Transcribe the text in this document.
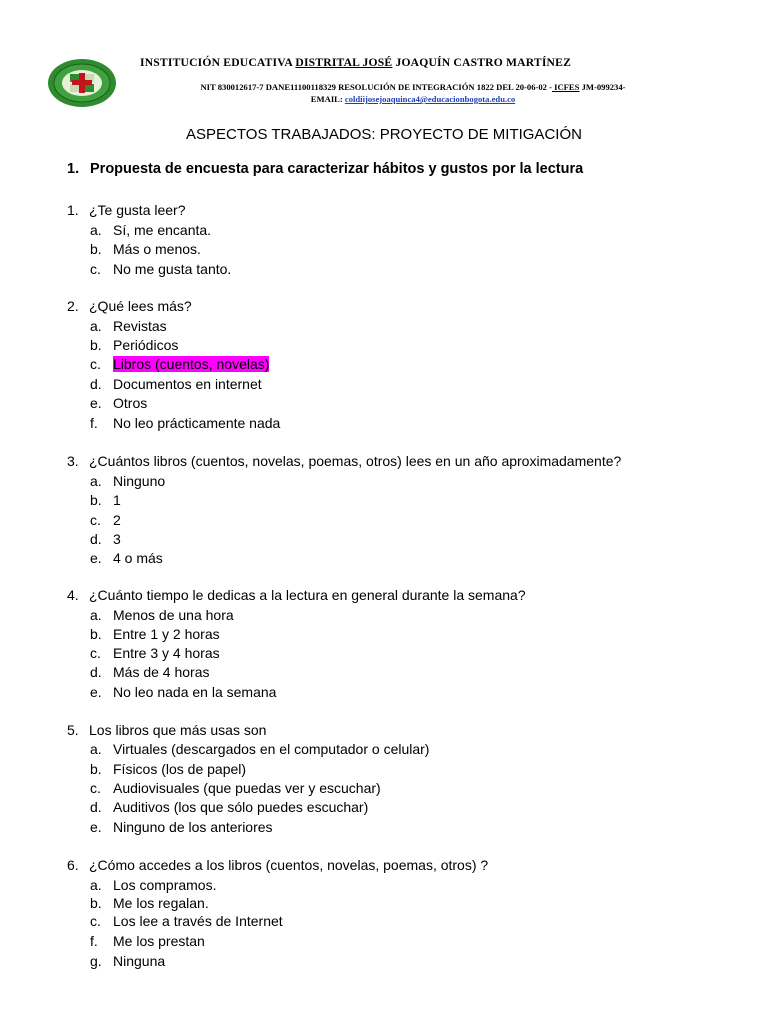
INSTITUCIÓN EDUCATIVA DISTRITAL JOSÉ JOAQUÍN CASTRO MARTÍNEZ
NIT 830012617-7 DANE11100118329 RESOLUCIÓN DE INTEGRACIÓN 1822 DEL 20-06-02 - ICFES JM-099234-
EMAIL: coldiijosejoaquinca4@educacionbogota.edu.co
ASPECTOS TRABAJADOS: PROYECTO DE MITIGACIÓN
1. Propuesta de encuesta para caracterizar hábitos y gustos por la lectura
1. ¿Te gusta leer?
a. Sí, me encanta.
b. Más o menos.
c. No me gusta tanto.
2. ¿Qué lees más?
a. Revistas
b. Periódicos
c. Libros (cuentos, novelas)
d. Documentos en internet
e. Otros
f. No leo prácticamente nada
3. ¿Cuántos libros (cuentos, novelas, poemas, otros) lees en un año aproximadamente?
a. Ninguno
b. 1
c. 2
d. 3
e. 4 o más
4. ¿Cuánto tiempo le dedicas a la lectura en general durante la semana?
a. Menos de una hora
b. Entre 1 y 2 horas
c. Entre 3 y 4 horas
d. Más de 4 horas
e. No leo nada en la semana
5. Los libros que más usas son
a. Virtuales (descargados en el computador o celular)
b. Físicos (los de papel)
c. Audiovisuales (que puedas ver y escuchar)
d. Auditivos (los que sólo puedes escuchar)
e. Ninguno de los anteriores
6. ¿Cómo accedes a los libros (cuentos, novelas, poemas, otros) ?
a. Los compramos.
b. Me los regalan.
c. Los lee a través de Internet
f. Me los prestan
g. Ninguna
